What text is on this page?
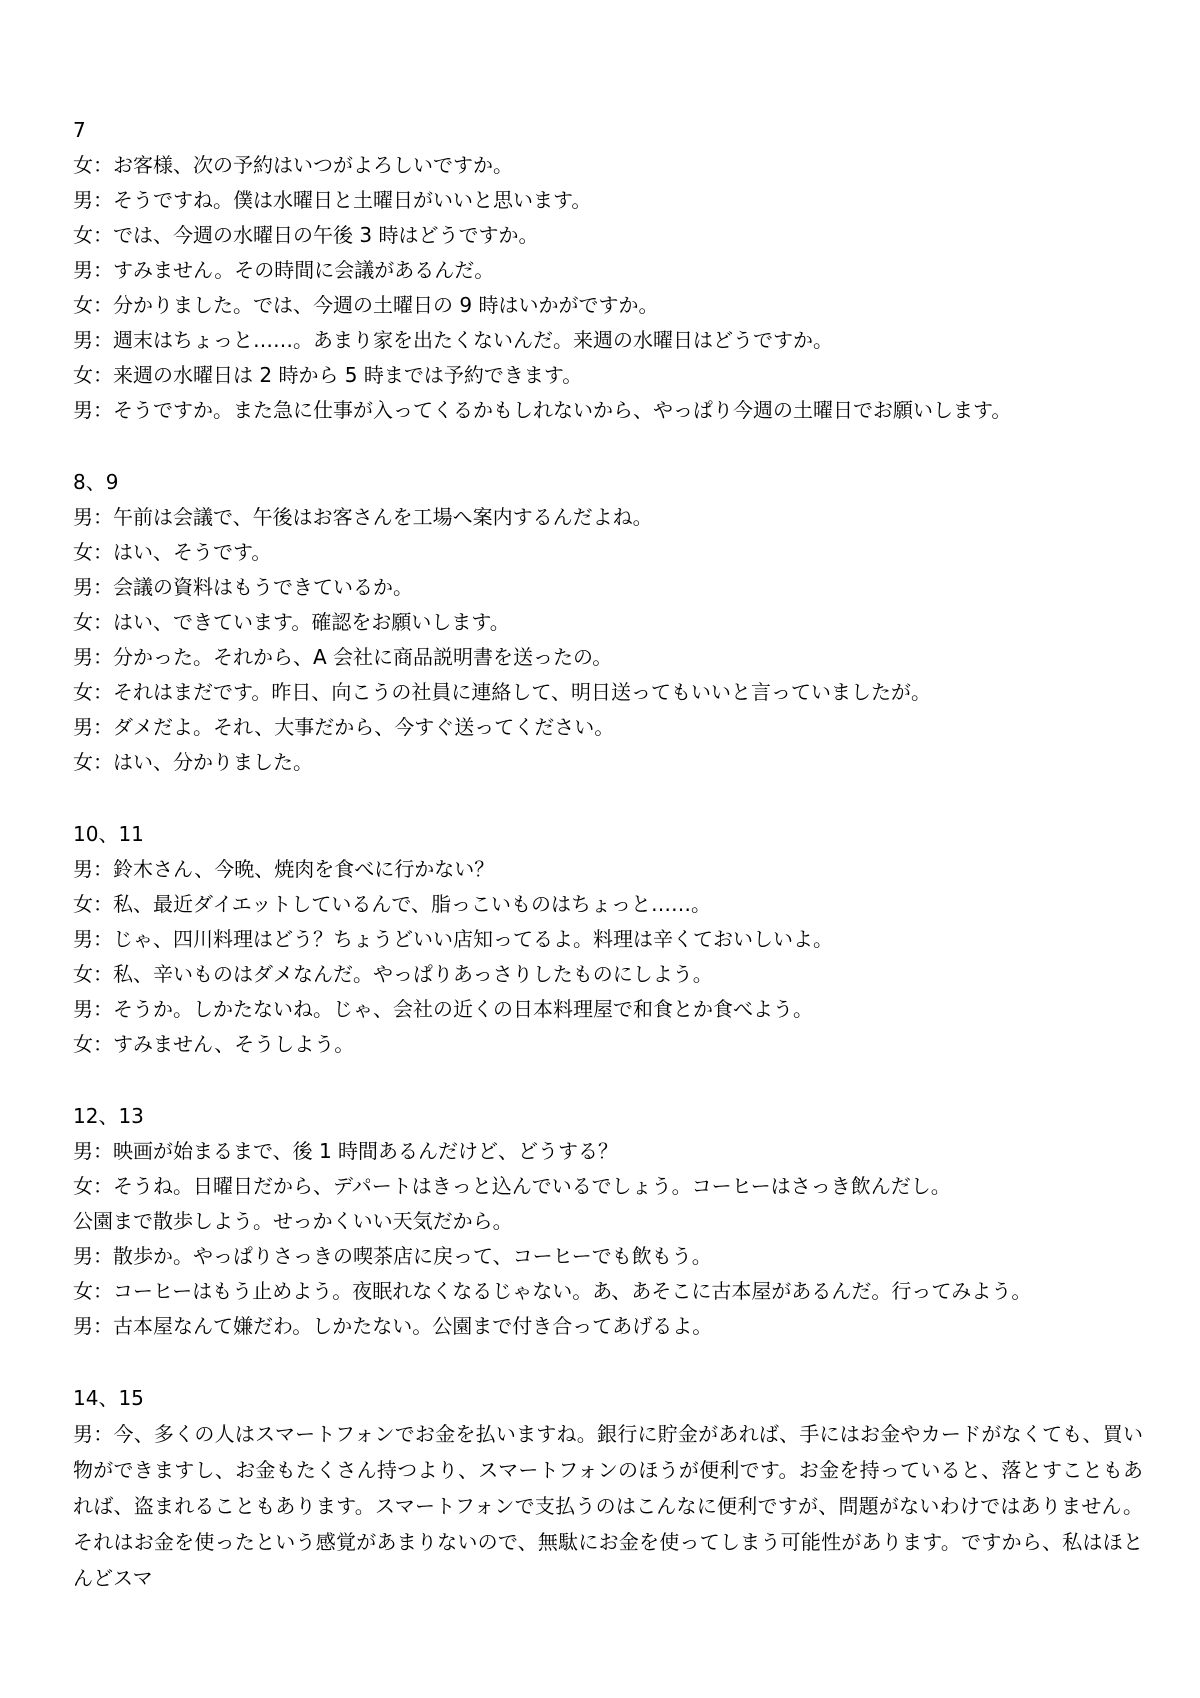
7
女：お客様、次の予約はいつがよろしいですか。
男：そうですね。僕は水曜日と土曜日がいいと思います。
女：では、今週の水曜日の午後 3 時はどうですか。
男：すみません。その時間に会議があるんだ。
女：分かりました。では、今週の土曜日の 9 時はいかがですか。
男：週末はちょっと……。あまり家を出たくないんだ。来週の水曜日はどうですか。
女：来週の水曜日は 2 時から 5 時までは予約できます。
男：そうですか。また急に仕事が入ってくるかもしれないから、やっぱり今週の土曜日でお願いします。
8、9
男：午前は会議で、午後はお客さんを工場へ案内するんだよね。
女：はい、そうです。
男：会議の資料はもうできているか。
女：はい、できています。確認をお願いします。
男：分かった。それから、A 会社に商品説明書を送ったの。
女：それはまだです。昨日、向こうの社員に連絡して、明日送ってもいいと言っていましたが。
男：ダメだよ。それ、大事だから、今すぐ送ってください。
女：はい、分かりました。
10、11
男：鈴木さん、今晩、焼肉を食べに行かない？
女：私、最近ダイエットしているんで、脂っこいものはちょっと……。
男：じゃ、四川料理はどう？ちょうどいい店知ってるよ。料理は辛くておいしいよ。
女：私、辛いものはダメなんだ。やっぱりあっさりしたものにしよう。
男：そうか。しかたないね。じゃ、会社の近くの日本料理屋で和食とか食べよう。
女：すみません、そうしよう。
12、13
男：映画が始まるまで、後 1 時間あるんだけど、どうする？
女：そうね。日曜日だから、デパートはきっと込んでいるでしょう。コーヒーはさっき飲んだし。
公園まで散歩しよう。せっかくいい天気だから。
男：散歩か。やっぱりさっきの喫茶店に戻って、コーヒーでも飲もう。
女：コーヒーはもう止めよう。夜眠れなくなるじゃない。あ、あそこに古本屋があるんだ。行ってみよう。
男：古本屋なんて嫌だわ。しかたない。公園まで付き合ってあげるよ。
14、15
男：今、多くの人はスマートフォンでお金を払いますね。銀行に貯金があれば、手にはお金やカードがなくても、買い物ができますし、お金もたくさん持つより、スマートフォンのほうが便利です。お金を持っていると、落とすこともあれば、盗まれることもあります。スマートフォンで支払うのはこんなに便利ですが、問題がないわけではありません。それはお金を使ったという感覚があまりないので、無駄にお金を使ってしまう可能性があります。ですから、私はほとんどスマ
